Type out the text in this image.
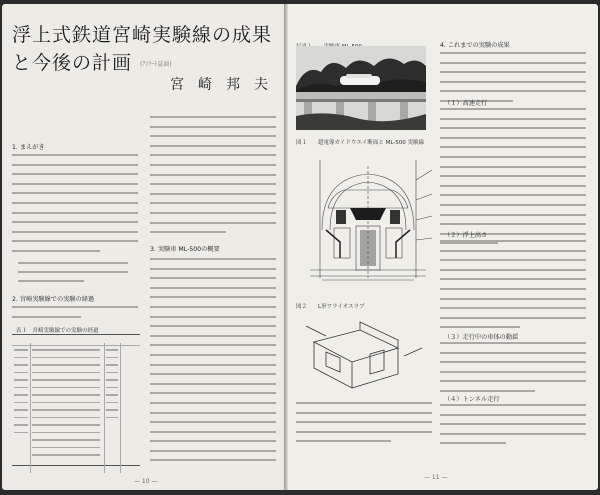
浮上式鉄道宮崎実験線の成果
と今後の計画 (ｱﾝｹｰﾄ誌面)
宮崎邦夫
1. まえがき
2. 宮崎実験線での実験の経過
表１　宮崎実験線での実験の経過
3. 実験車 ML-500の概要
— 10 —
図１　　超電導ガイドウエイ断面と ML-500 実験線
図２　　L形ワライオスラブ
4. これまでの実験の成果
（１）高速走行
（２）浮上高さ
（３）走行中の車体の動揺
（４）トンネル走行
— 11 —
